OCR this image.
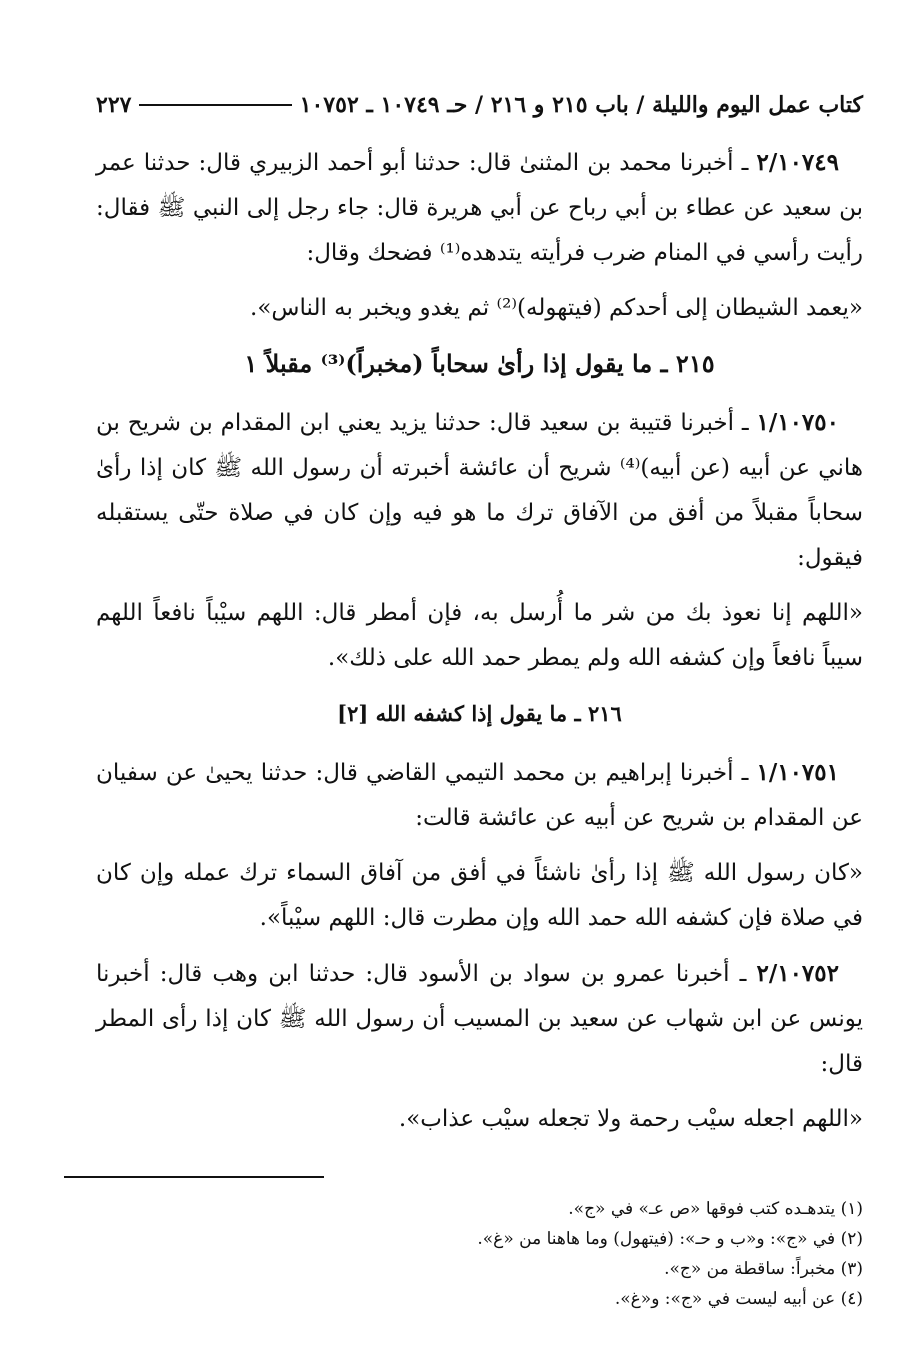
كتاب عمل اليوم والليلة / باب ٢١٥ و ٢١٦ / حـ ١٠٧٤٩ ـ ١٠٧٥٢
٢٢٧

٢/١٠٧٤٩ ـ أخبرنا محمد بن المثنىٰ قال: حدثنا أبو أحمد الزبيري قال: حدثنا عمر بن سعيد عن عطاء بن أبي رباح عن أبي هريرة قال: جاء رجل إلى النبي ﷺ فقال: رأيت رأسي في المنام ضرب فرأيته يتدهده⁽¹⁾ فضحك وقال:

«يعمد الشيطان إلى أحدكم (فيتهوله)⁽²⁾ ثم يغدو ويخبر به الناس».

٢١٥ ـ ما يقول إذا رأىٰ سحاباً (مخبراً)⁽³⁾ مقبلاً ١

١/١٠٧٥٠ ـ أخبرنا قتيبة بن سعيد قال: حدثنا يزيد يعني ابن المقدام بن شريح بن هاني عن أبيه (عن أبيه)⁽⁴⁾ شريح أن عائشة أخبرته أن رسول الله ﷺ كان إذا رأىٰ سحاباً مقبلاً من أفق من الآفاق ترك ما هو فيه وإن كان في صلاة حتّى يستقبله فيقول:

«اللهم إنا نعوذ بك من شر ما أُرسل به، فإن أمطر قال: اللهم سيْباً نافعاً اللهم سيباً نافعاً وإن كشفه الله ولم يمطر حمد الله على ذلك».

٢١٦ ـ ما يقول إذا كشفه الله [٢]

١/١٠٧٥١ ـ أخبرنا إبراهيم بن محمد التيمي القاضي قال: حدثنا يحيىٰ عن سفيان عن المقدام بن شريح عن أبيه عن عائشة قالت:

«كان رسول الله ﷺ إذا رأىٰ ناشئاً في أفق من آفاق السماء ترك عمله وإن كان في صلاة فإن كشفه الله حمد الله وإن مطرت قال: اللهم سيْباً».

٢/١٠٧٥٢ ـ أخبرنا عمرو بن سواد بن الأسود قال: حدثنا ابن وهب قال: أخبرنا يونس عن ابن شهاب عن سعيد بن المسيب أن رسول الله ﷺ كان إذا رأى المطر قال:

«اللهم اجعله سيْب رحمة ولا تجعله سيْب عذاب».

(١) يتدهـده كتب فوقها «ص عـ» في «ج».

(٢) في «ج»: و«ب و حـ»: (فيتهول) وما هاهنا من «غ».

(٣) مخبراً: ساقطة من «ج».

(٤) عن أبيه ليست في «ج»: و«غ».
